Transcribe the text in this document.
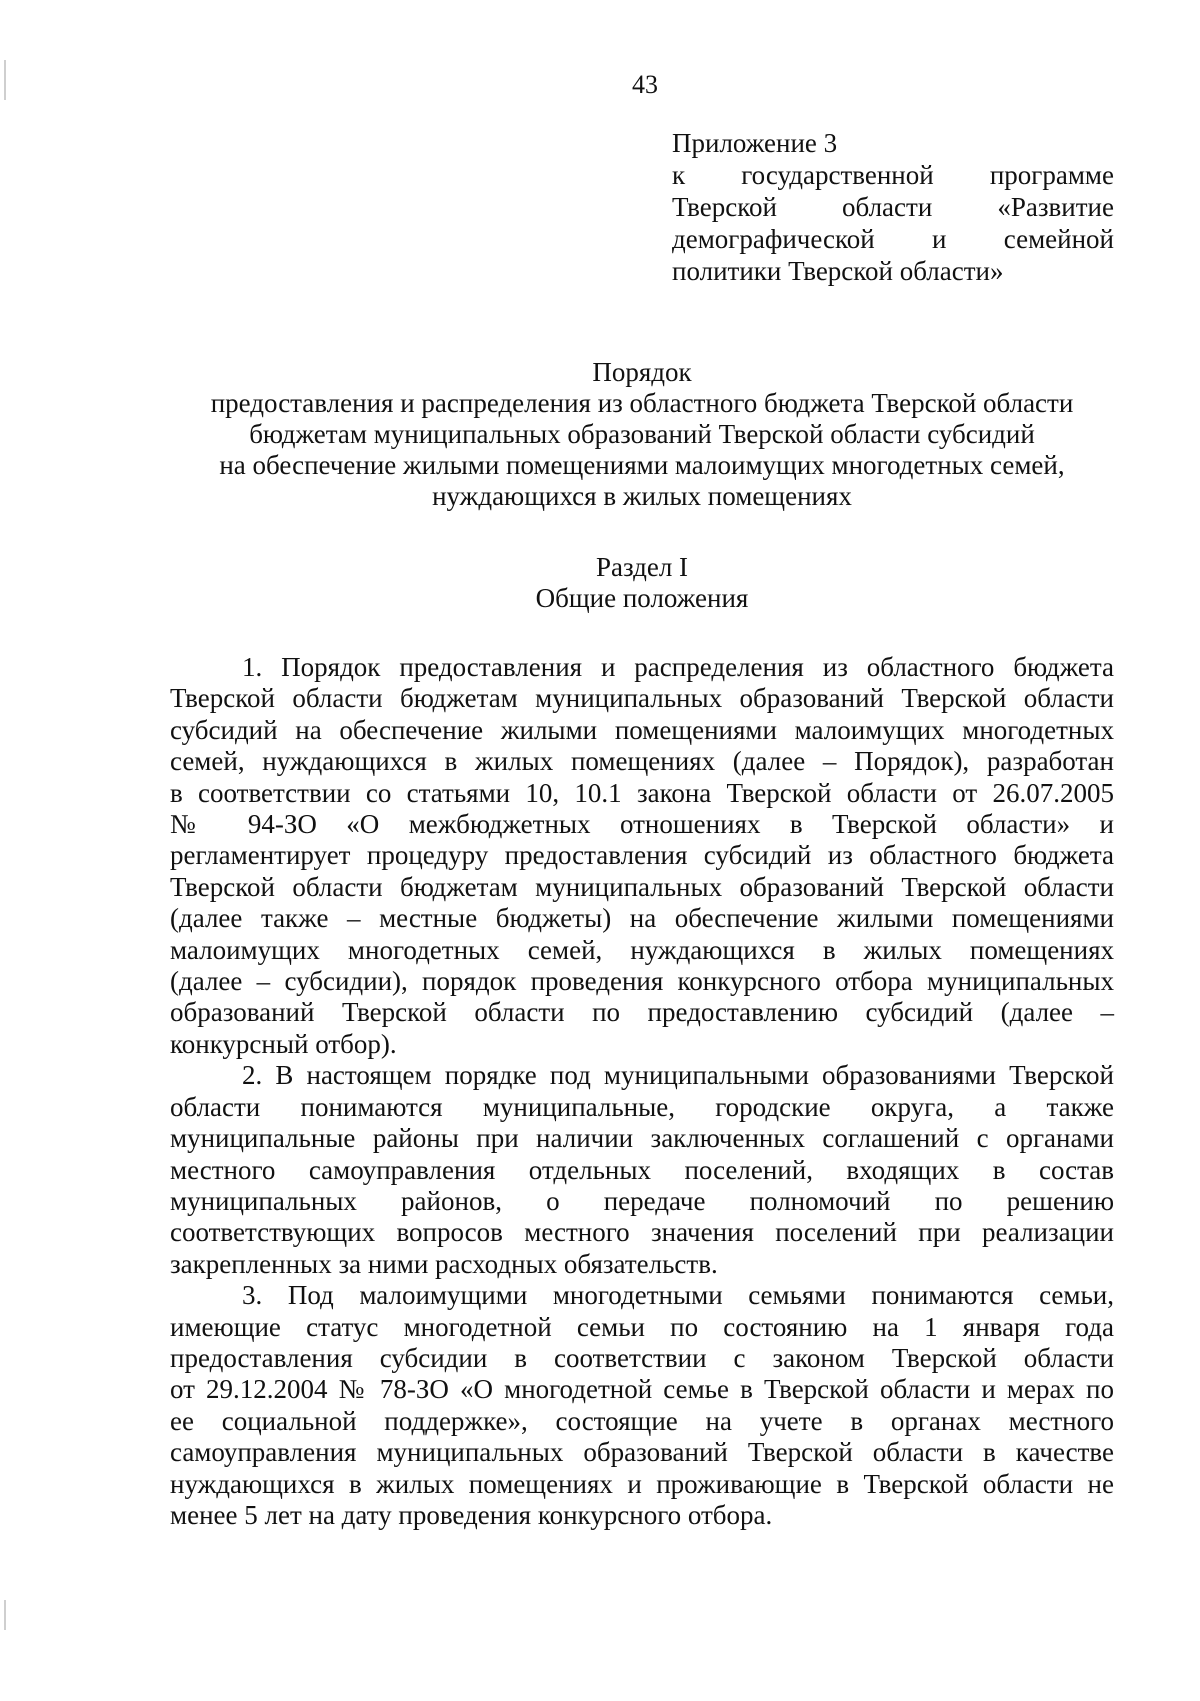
43
Приложение 3
к государственной программе
Тверской области «Развитие
демографической и семейной
политики Тверской области»
Порядок
предоставления и распределения из областного бюджета Тверской области
бюджетам муниципальных образований Тверской области субсидий
на обеспечение жилыми помещениями малоимущих многодетных семей,
нуждающихся в жилых помещениях
Раздел I
Общие положения
1. Порядок предоставления и распределения из областного бюджета
Тверской области бюджетам муниципальных образований Тверской области
субсидий на обеспечение жилыми помещениями малоимущих многодетных
семей, нуждающихся в жилых помещениях (далее – Порядок), разработан
в соответствии со статьями 10, 10.1 закона Тверской области от 26.07.2005
№ 94-ЗО «О межбюджетных отношениях в Тверской области» и
регламентирует процедуру предоставления субсидий из областного бюджета
Тверской области бюджетам муниципальных образований Тверской области
(далее также – местные бюджеты) на обеспечение жилыми помещениями
малоимущих многодетных семей, нуждающихся в жилых помещениях
(далее – субсидии), порядок проведения конкурсного отбора муниципальных
образований Тверской области по предоставлению субсидий (далее –
конкурсный отбор).
2. В настоящем порядке под муниципальными образованиями Тверской
области понимаются муниципальные, городские округа, а также
муниципальные районы при наличии заключенных соглашений с органами
местного самоуправления отдельных поселений, входящих в состав
муниципальных районов, о передаче полномочий по решению
соответствующих вопросов местного значения поселений при реализации
закрепленных за ними расходных обязательств.
3. Под малоимущими многодетными семьями понимаются семьи,
имеющие статус многодетной семьи по состоянию на 1 января года
предоставления субсидии в соответствии с законом Тверской области
от 29.12.2004 № 78-ЗО «О многодетной семье в Тверской области и мерах по
ее социальной поддержке», состоящие на учете в органах местного
самоуправления муниципальных образований Тверской области в качестве
нуждающихся в жилых помещениях и проживающие в Тверской области не
менее 5 лет на дату проведения конкурсного отбора.
